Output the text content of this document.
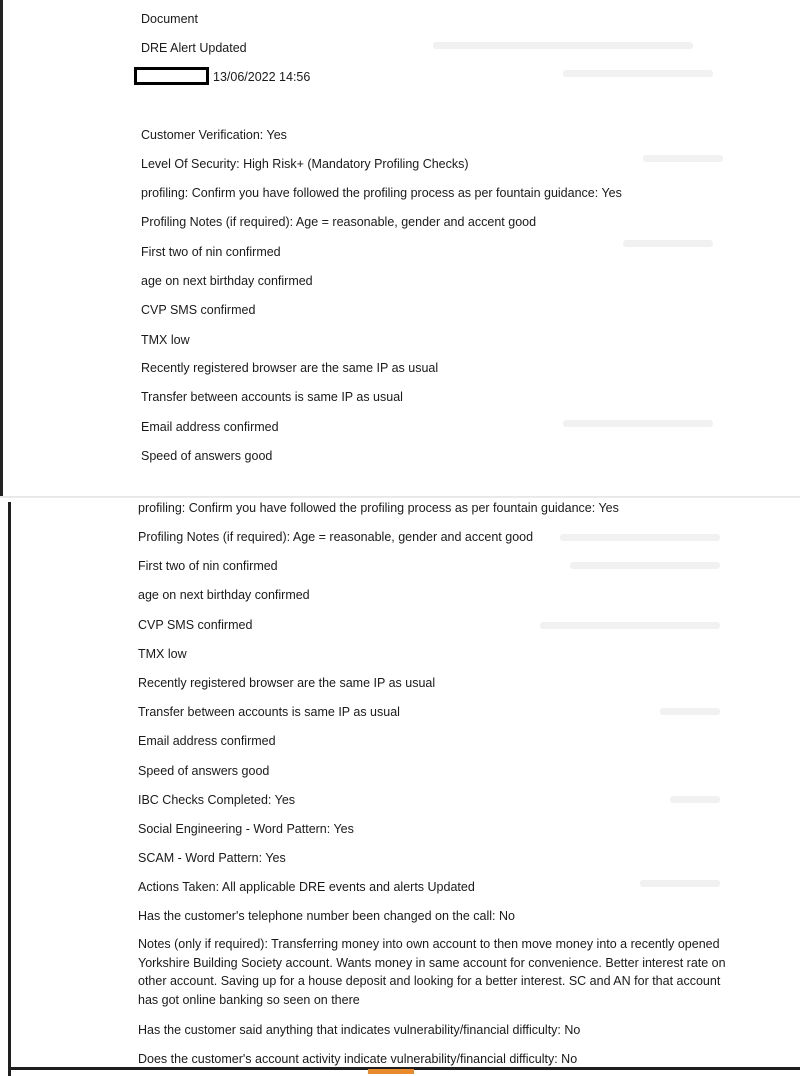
Document
DRE Alert Updated
13/06/2022 14:56
Customer Verification: Yes
Level Of Security: High Risk+ (Mandatory Profiling Checks)
profiling: Confirm you have followed the profiling process as per fountain guidance: Yes
Profiling Notes (if required): Age = reasonable, gender and accent good
First two of nin confirmed
age on next birthday confirmed
CVP SMS confirmed
TMX low
Recently registered browser are the same IP as usual
Transfer between accounts is same IP as usual
Email address confirmed
Speed of answers good
profiling: Confirm you have followed the profiling process as per fountain guidance: Yes
Profiling Notes (if required): Age = reasonable, gender and accent good
First two of nin confirmed
age on next birthday confirmed
CVP SMS confirmed
TMX low
Recently registered browser are the same IP as usual
Transfer between accounts is same IP as usual
Email address confirmed
Speed of answers good
IBC Checks Completed: Yes
Social Engineering - Word Pattern: Yes
SCAM - Word Pattern: Yes
Actions Taken: All applicable DRE events and alerts Updated
Has the customer's telephone number been changed on the call: No
Notes (only if required): Transferring money into own account to then move money into a recently opened Yorkshire Building Society account. Wants money in same account for convenience. Better interest rate on other account. Saving up for a house deposit and looking for a better interest. SC and AN for that account has got online banking so seen on there
Has the customer said anything that indicates vulnerability/financial difficulty: No
Does the customer's account activity indicate vulnerability/financial difficulty: No
